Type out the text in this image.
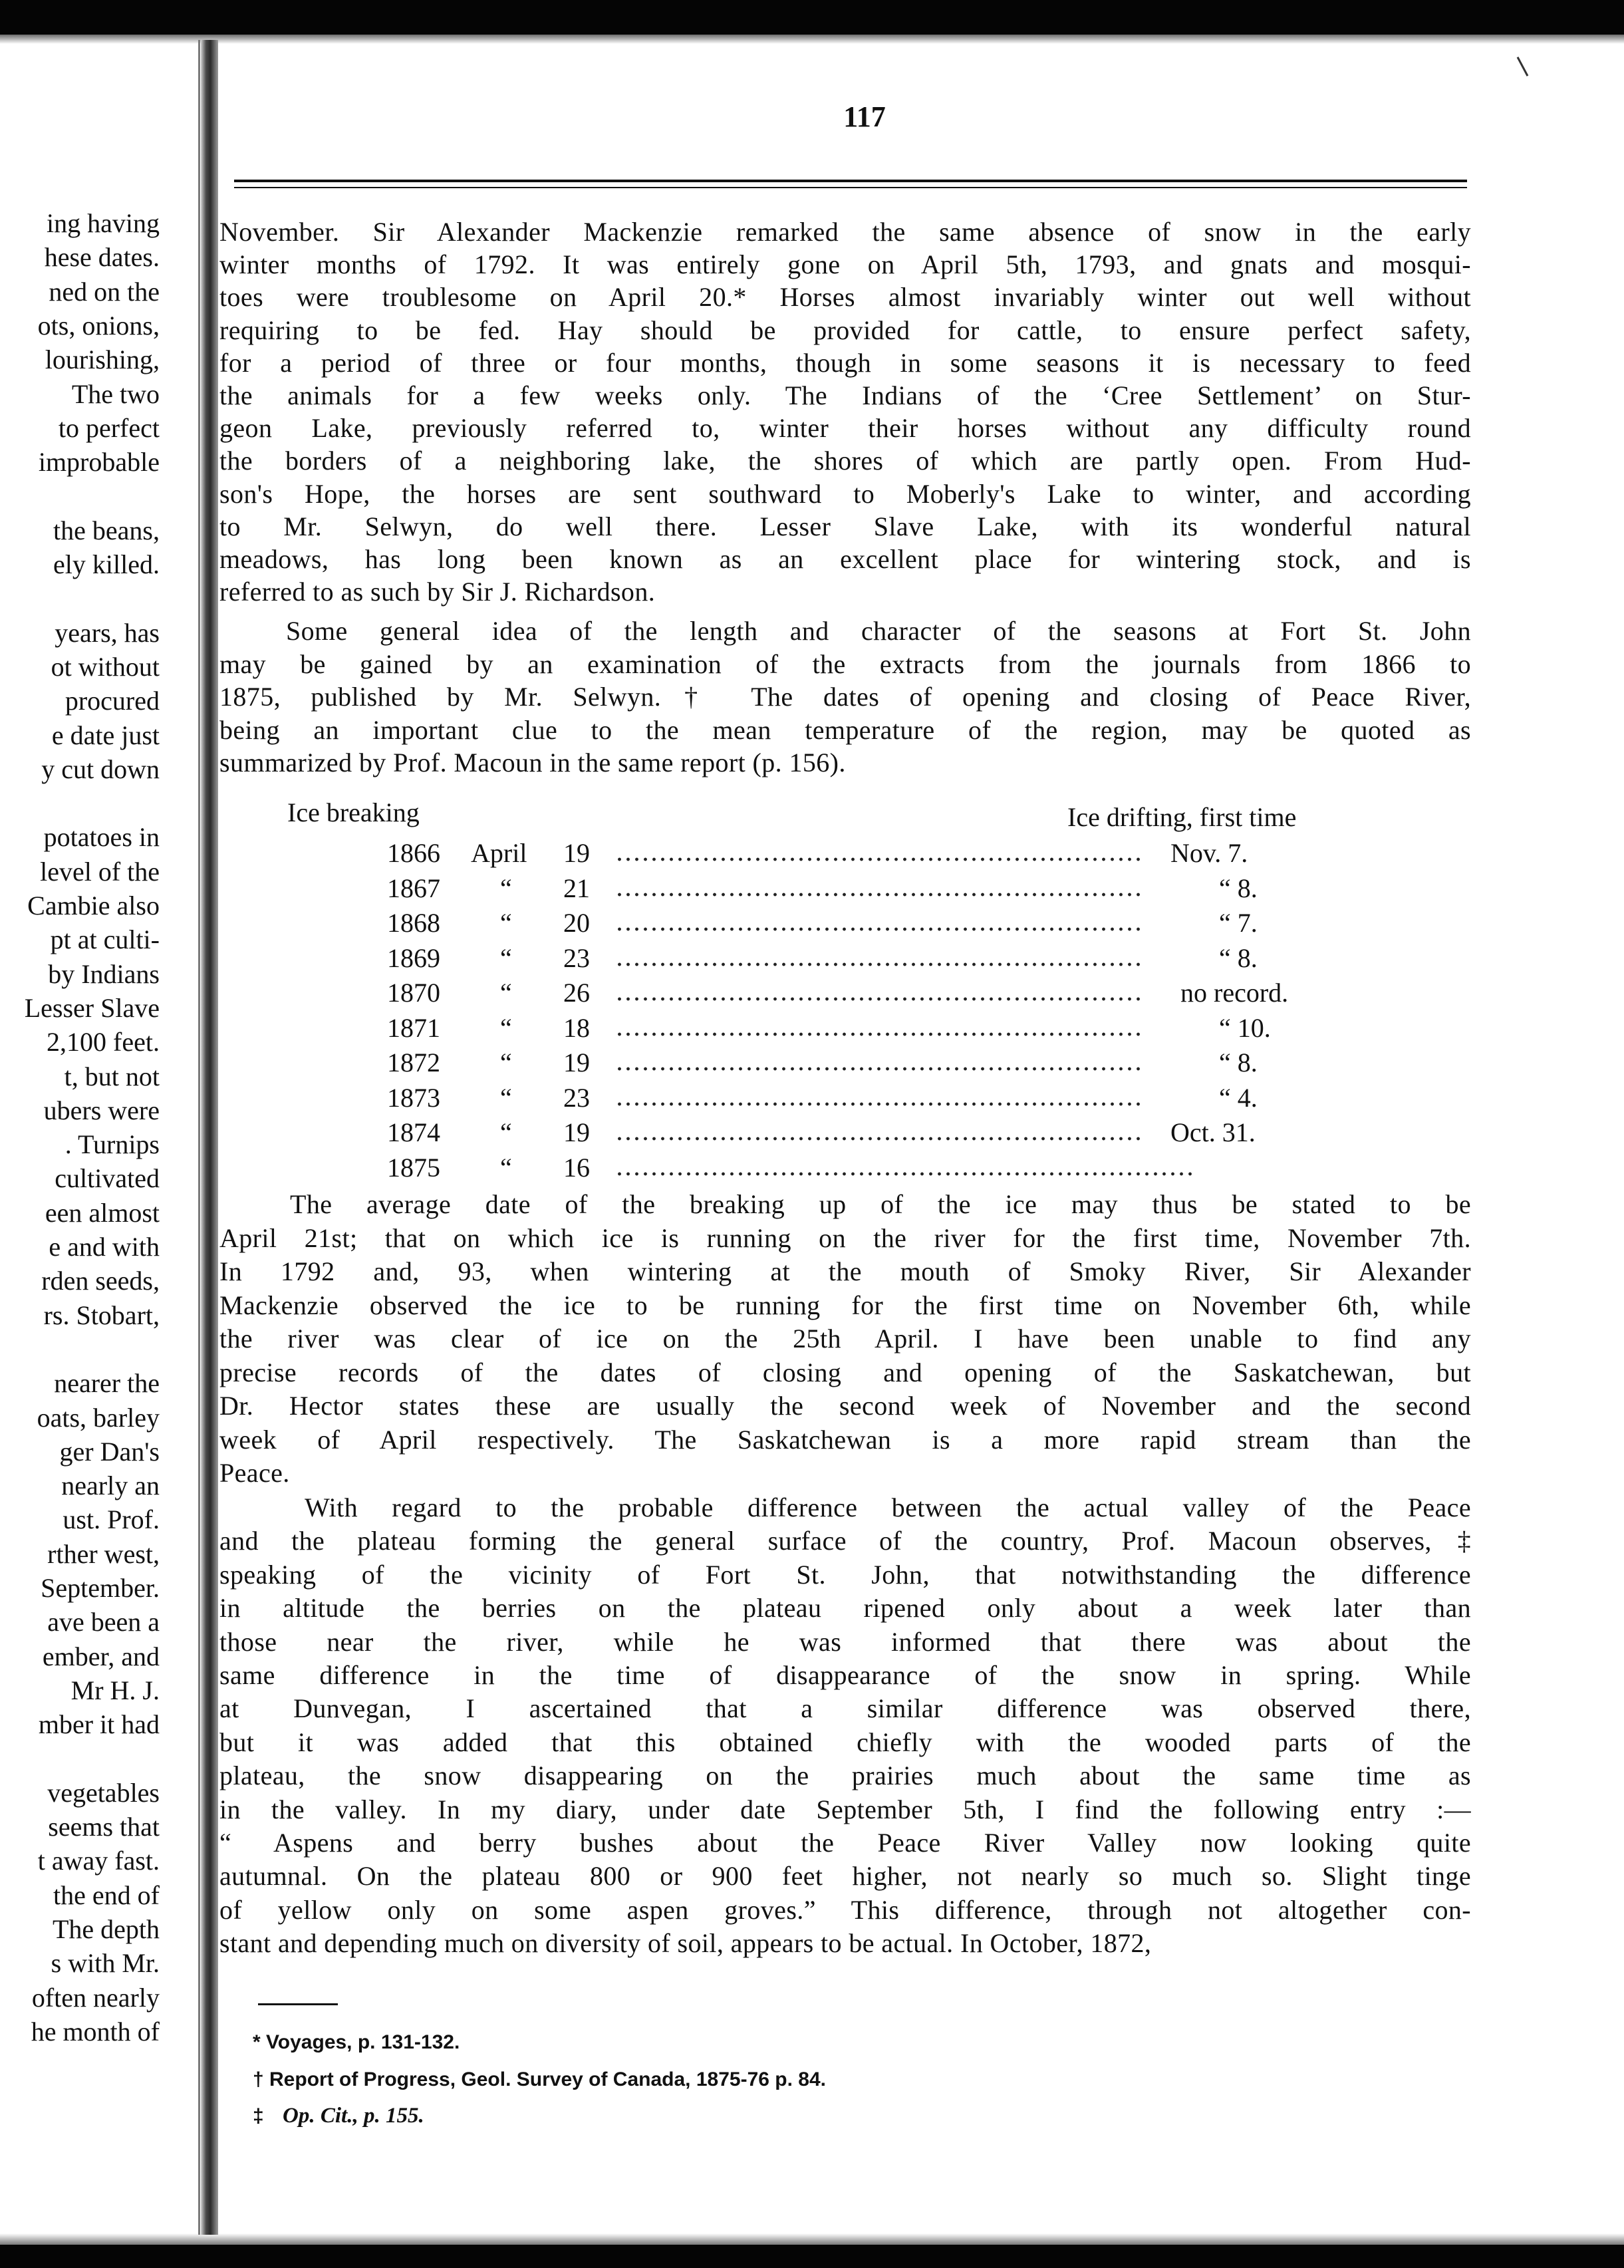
ing having
hese dates.
ned on the
ots, onions,
lourishing,
The two
to perfect
improbable
the beans,
ely killed.
years, has
ot without
procured
e date just
y cut down
potatoes in
level of the
Cambie also
pt at culti-
by Indians
Lesser Slave
2,100 feet.
t, but not
ubers were
. Turnips
cultivated
een almost
e and with
rden seeds,
rs. Stobart,
nearer the
oats, barley
ger Dan's
nearly an
ust. Prof.
rther west,
September.
ave been a
ember, and
Mr H. J.
mber it had
vegetables
seems that
t away fast.
the end of
The depth
s with Mr.
often nearly
he month of
117
November. Sir Alexander Mackenzie remarked the same absence of snow in the early
winter months of 1792. It was entirely gone on April 5th, 1793, and gnats and mosqui-
toes were troublesome on April 20.* Horses almost invariably winter out well without
requiring to be fed. Hay should be provided for cattle, to ensure perfect safety,
for a period of three or four months, though in some seasons it is necessary to feed
the animals for a few weeks only. The Indians of the ‘Cree Settlement’ on Stur-
geon Lake, previously referred to, winter their horses without any difficulty round
the borders of a neighboring lake, the shores of which are partly open. From Hud-
son's Hope, the horses are sent southward to Moberly's Lake to winter, and according
to Mr. Selwyn, do well there. Lesser Slave Lake, with its wonderful natural
meadows, has long been known as an excellent place for wintering stock, and is
referred to as such by Sir J. Richardson.
Some general idea of the length and character of the seasons at Fort St. John
may be gained by an examination of the extracts from the journals from 1866 to
1875, published by Mr. Selwyn.† The dates of opening and closing of Peace River,
being an important clue to the mean temperature of the region, may be quoted as
summarized by Prof. Macoun in the same report (p. 156).
The average date of the breaking up of the ice may thus be stated to be
April 21st; that on which ice is running on the river for the first time, November 7th.
In 1792 and, 93, when wintering at the mouth of Smoky River, Sir Alexander
Mackenzie observed the ice to be running for the first time on November 6th, while
the river was clear of ice on the 25th April. I have been unable to find any
precise records of the dates of closing and opening of the Saskatchewan, but
Dr. Hector states these are usually the second week of November and the second
week of April respectively. The Saskatchewan is a more rapid stream than the
Peace.
With regard to the probable difference between the actual valley of the Peace
and the plateau forming the general surface of the country, Prof. Macoun observes,‡
speaking of the vicinity of Fort St. John, that notwithstanding the difference
in altitude the berries on the plateau ripened only about a week later than
those near the river, while he was informed that there was about the
same difference in the time of disappearance of the snow in spring. While
at Dunvegan, I ascertained that a similar difference was observed there,
but it was added that this obtained chiefly with the wooded parts of the
plateau, the snow disappearing on the prairies much about the same time as
in the valley. In my diary, under date September 5th, I find the following entry :—
“ Aspens and berry bushes about the Peace River Valley now looking quite
autumnal. On the plateau 800 or 900 feet higher, not nearly so much so. Slight tinge
of yellow only on some aspen groves.” This difference, through not altogether con-
stant and depending much on diversity of soil, appears to be actual. In October, 1872,
Ice breaking	Ice drifting, first time
1866 April 19	Nov. 7.
1867 “ 21	“ 8.
1868 “ 20	“ 7.
1869 “ 23	“ 8.
1870 “ 26	no record.
1871 “ 18	“ 10.
1872 “ 19	“ 8.
1873 “ 23	“ 4.
1874 “ 19	Oct. 31.
1875 “ 16
* Voyages, p. 131-132.
† Report of Progress, Geol. Survey of Canada, 1875-76 p. 84.
‡ Op. Cit., p. 155.
